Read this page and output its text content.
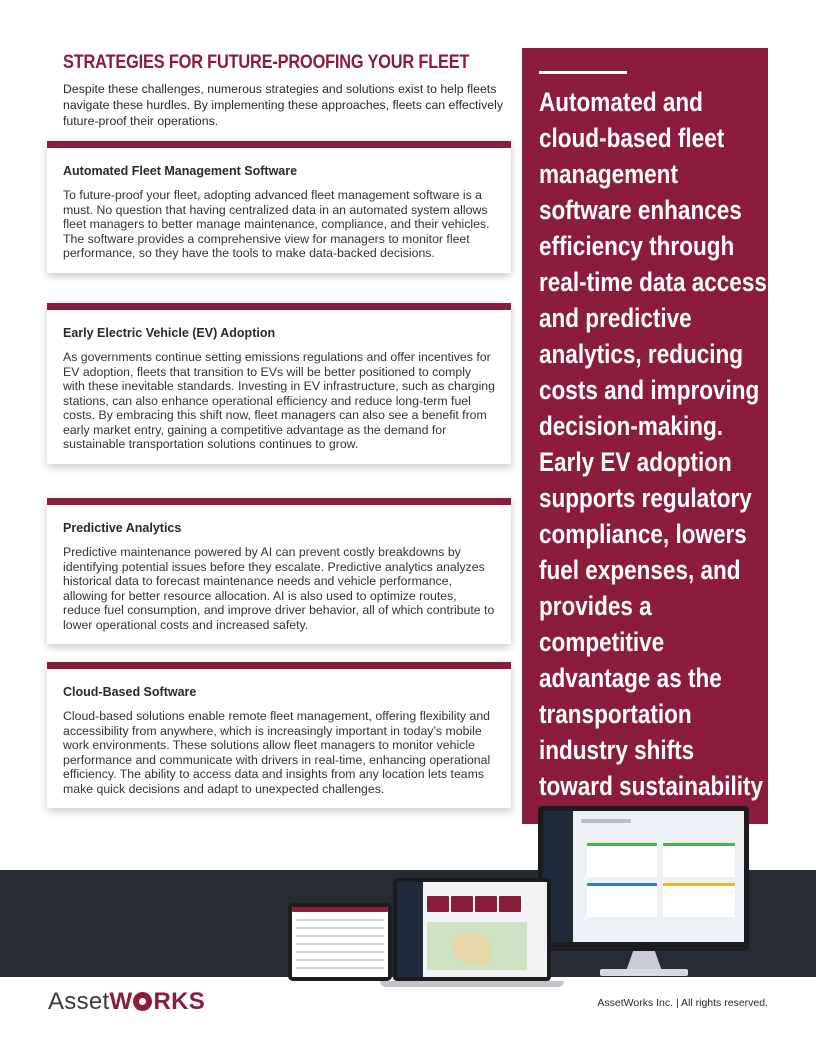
STRATEGIES FOR FUTURE-PROOFING YOUR FLEET

Despite these challenges, numerous strategies and solutions exist to help fleets navigate these hurdles. By implementing these approaches, fleets can effectively future-proof their operations.

Automated Fleet Management Software

To future-proof your fleet, adopting advanced fleet management software is a must. No question that having centralized data in an automated system allows fleet managers to better manage maintenance, compliance, and their vehicles. The software provides a comprehensive view for managers to monitor fleet performance, so they have the tools to make data-backed decisions.

Early Electric Vehicle (EV) Adoption

As governments continue setting emissions regulations and offer incentives for EV adoption, fleets that transition to EVs will be better positioned to comply with these inevitable standards. Investing in EV infrastructure, such as charging stations, can also enhance operational efficiency and reduce long-term fuel costs. By embracing this shift now, fleet managers can also see a benefit from early market entry, gaining a competitive advantage as the demand for sustainable transportation solutions continues to grow.

Predictive Analytics

Predictive maintenance powered by AI can prevent costly breakdowns by identifying potential issues before they escalate. Predictive analytics analyzes historical data to forecast maintenance needs and vehicle performance, allowing for better resource allocation. AI is also used to optimize routes, reduce fuel consumption, and improve driver behavior, all of which contribute to lower operational costs and increased safety.

Cloud-Based Software

Cloud-based solutions enable remote fleet management, offering flexibility and accessibility from anywhere, which is increasingly important in today’s mobile work environments. These solutions allow fleet managers to monitor vehicle performance and communicate with drivers in real-time, enhancing operational efficiency. The ability to access data and insights from any location lets teams make quick decisions and adapt to unexpected challenges.

Automated and cloud-based fleet management software enhances efficiency through real-time data access and predictive analytics, reducing costs and improving decision-making. Early EV adoption supports regulatory compliance, lowers fuel expenses, and provides a competitive advantage as the transportation industry shifts toward sustainability
AssetW RKS	AssetWorks Inc. | All rights reserved.
